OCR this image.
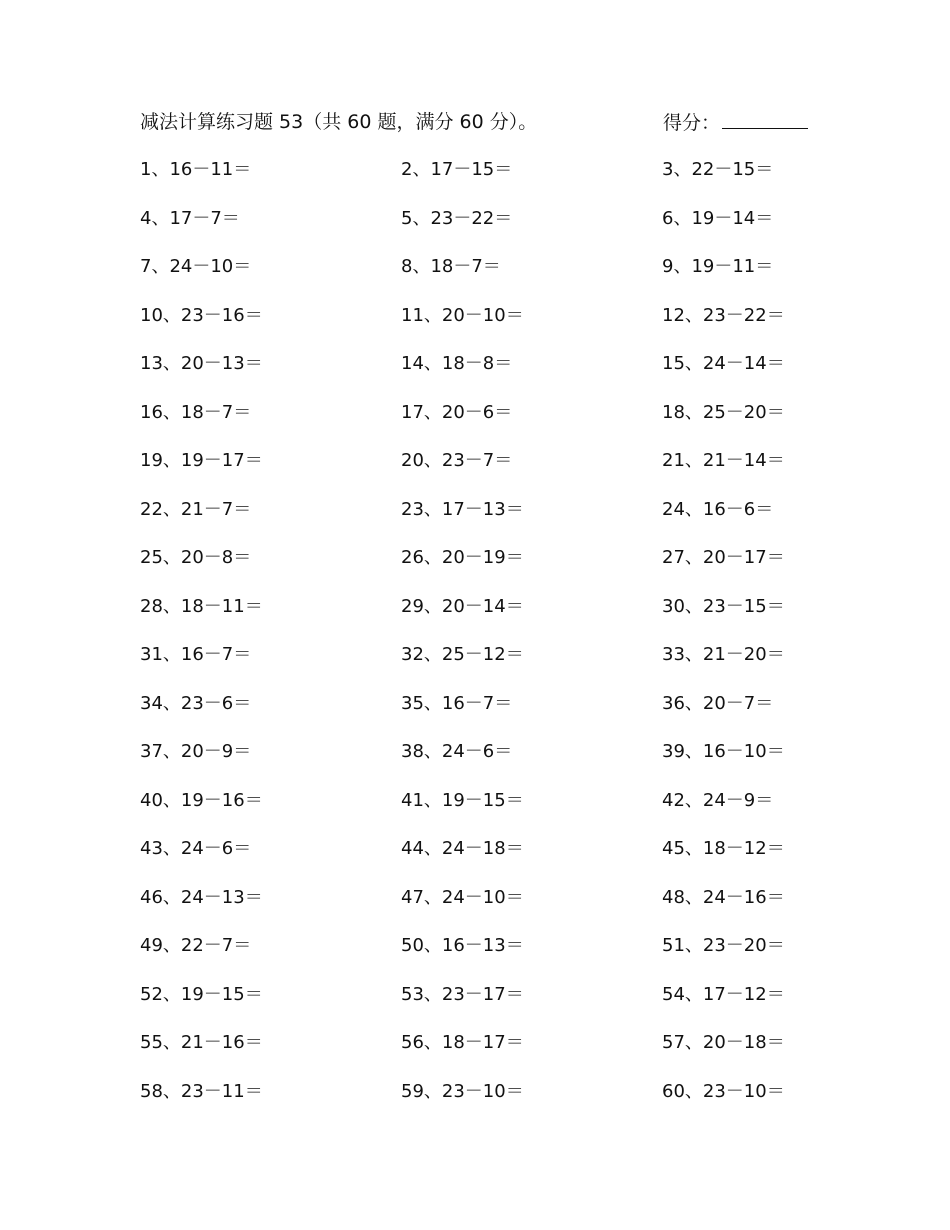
减法计算练习题 53（共 60 题，满分 60 分）。	得分：
1、16－11＝	2、17－15＝	3、22－15＝
4、17－7＝	5、23－22＝	6、19－14＝
7、24－10＝	8、18－7＝	9、19－11＝
10、23－16＝	11、20－10＝	12、23－22＝
13、20－13＝	14、18－8＝	15、24－14＝
16、18－7＝	17、20－6＝	18、25－20＝
19、19－17＝	20、23－7＝	21、21－14＝
22、21－7＝	23、17－13＝	24、16－6＝
25、20－8＝	26、20－19＝	27、20－17＝
28、18－11＝	29、20－14＝	30、23－15＝
31、16－7＝	32、25－12＝	33、21－20＝
34、23－6＝	35、16－7＝	36、20－7＝
37、20－9＝	38、24－6＝	39、16－10＝
40、19－16＝	41、19－15＝	42、24－9＝
43、24－6＝	44、24－18＝	45、18－12＝
46、24－13＝	47、24－10＝	48、24－16＝
49、22－7＝	50、16－13＝	51、23－20＝
52、19－15＝	53、23－17＝	54、17－12＝
55、21－16＝	56、18－17＝	57、20－18＝
58、23－11＝	59、23－10＝	60、23－10＝
